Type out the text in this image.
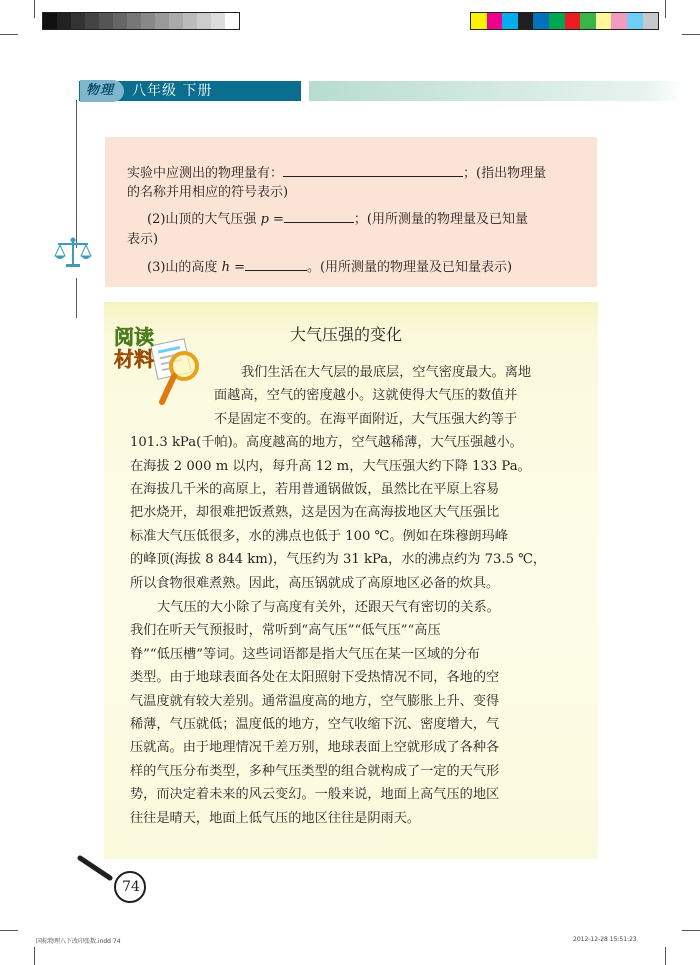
物理	八年级 下册
实验中应测出的物理量有：	；(指出物理量
的名称并用相应的符号表示)
(2)山顶的大气压强 p =	；(用所测量的物理量及已知量
表示)
(3)山的高度 h =	。(用所测量的物理量及已知量表示)
阅读
材料
大气压强的变化
我们生活在大气层的最底层，空气密度最大。离地
面越高，空气的密度越小。这就使得大气压的数值并
不是固定不变的。在海平面附近，大气压强大约等于
101.3 kPa(千帕)。高度越高的地方，空气越稀薄，大气压强越小。
在海拔 2 000 m 以内，每升高 12 m，大气压强大约下降 133 Pa。
在海拔几千米的高原上，若用普通锅做饭，虽然比在平原上容易
把水烧开，却很难把饭煮熟，这是因为在高海拔地区大气压强比
标准大气压低很多，水的沸点也低于 100 ℃。例如在珠穆朗玛峰
的峰顶(海拔 8 844 km)，气压约为 31 kPa，水的沸点约为 73.5 ℃，
所以食物很难煮熟。因此，高压锅就成了高原地区必备的炊具。
大气压的大小除了与高度有关外，还跟天气有密切的关系。
我们在听天气预报时，常听到“高气压”“低气压”“高压
脊”“低压槽”等词。这些词语都是指大气压在某一区域的分布
类型。由于地球表面各处在太阳照射下受热情况不同，各地的空
气温度就有较大差别。通常温度高的地方，空气膨胀上升、变得
稀薄，气压就低；温度低的地方，空气收缩下沉、密度增大，气
压就高。由于地理情况千差万别，地球表面上空就形成了各种各
样的气压分布类型，多种气压类型的组合就构成了一定的天气形
势，而决定着未来的风云变幻。一般来说，地面上高气压的地区
往往是晴天，地面上低气压的地区往往是阴雨天。
74
国标物理八下改印张数.indd 74	2012-12-28 15:51:23
